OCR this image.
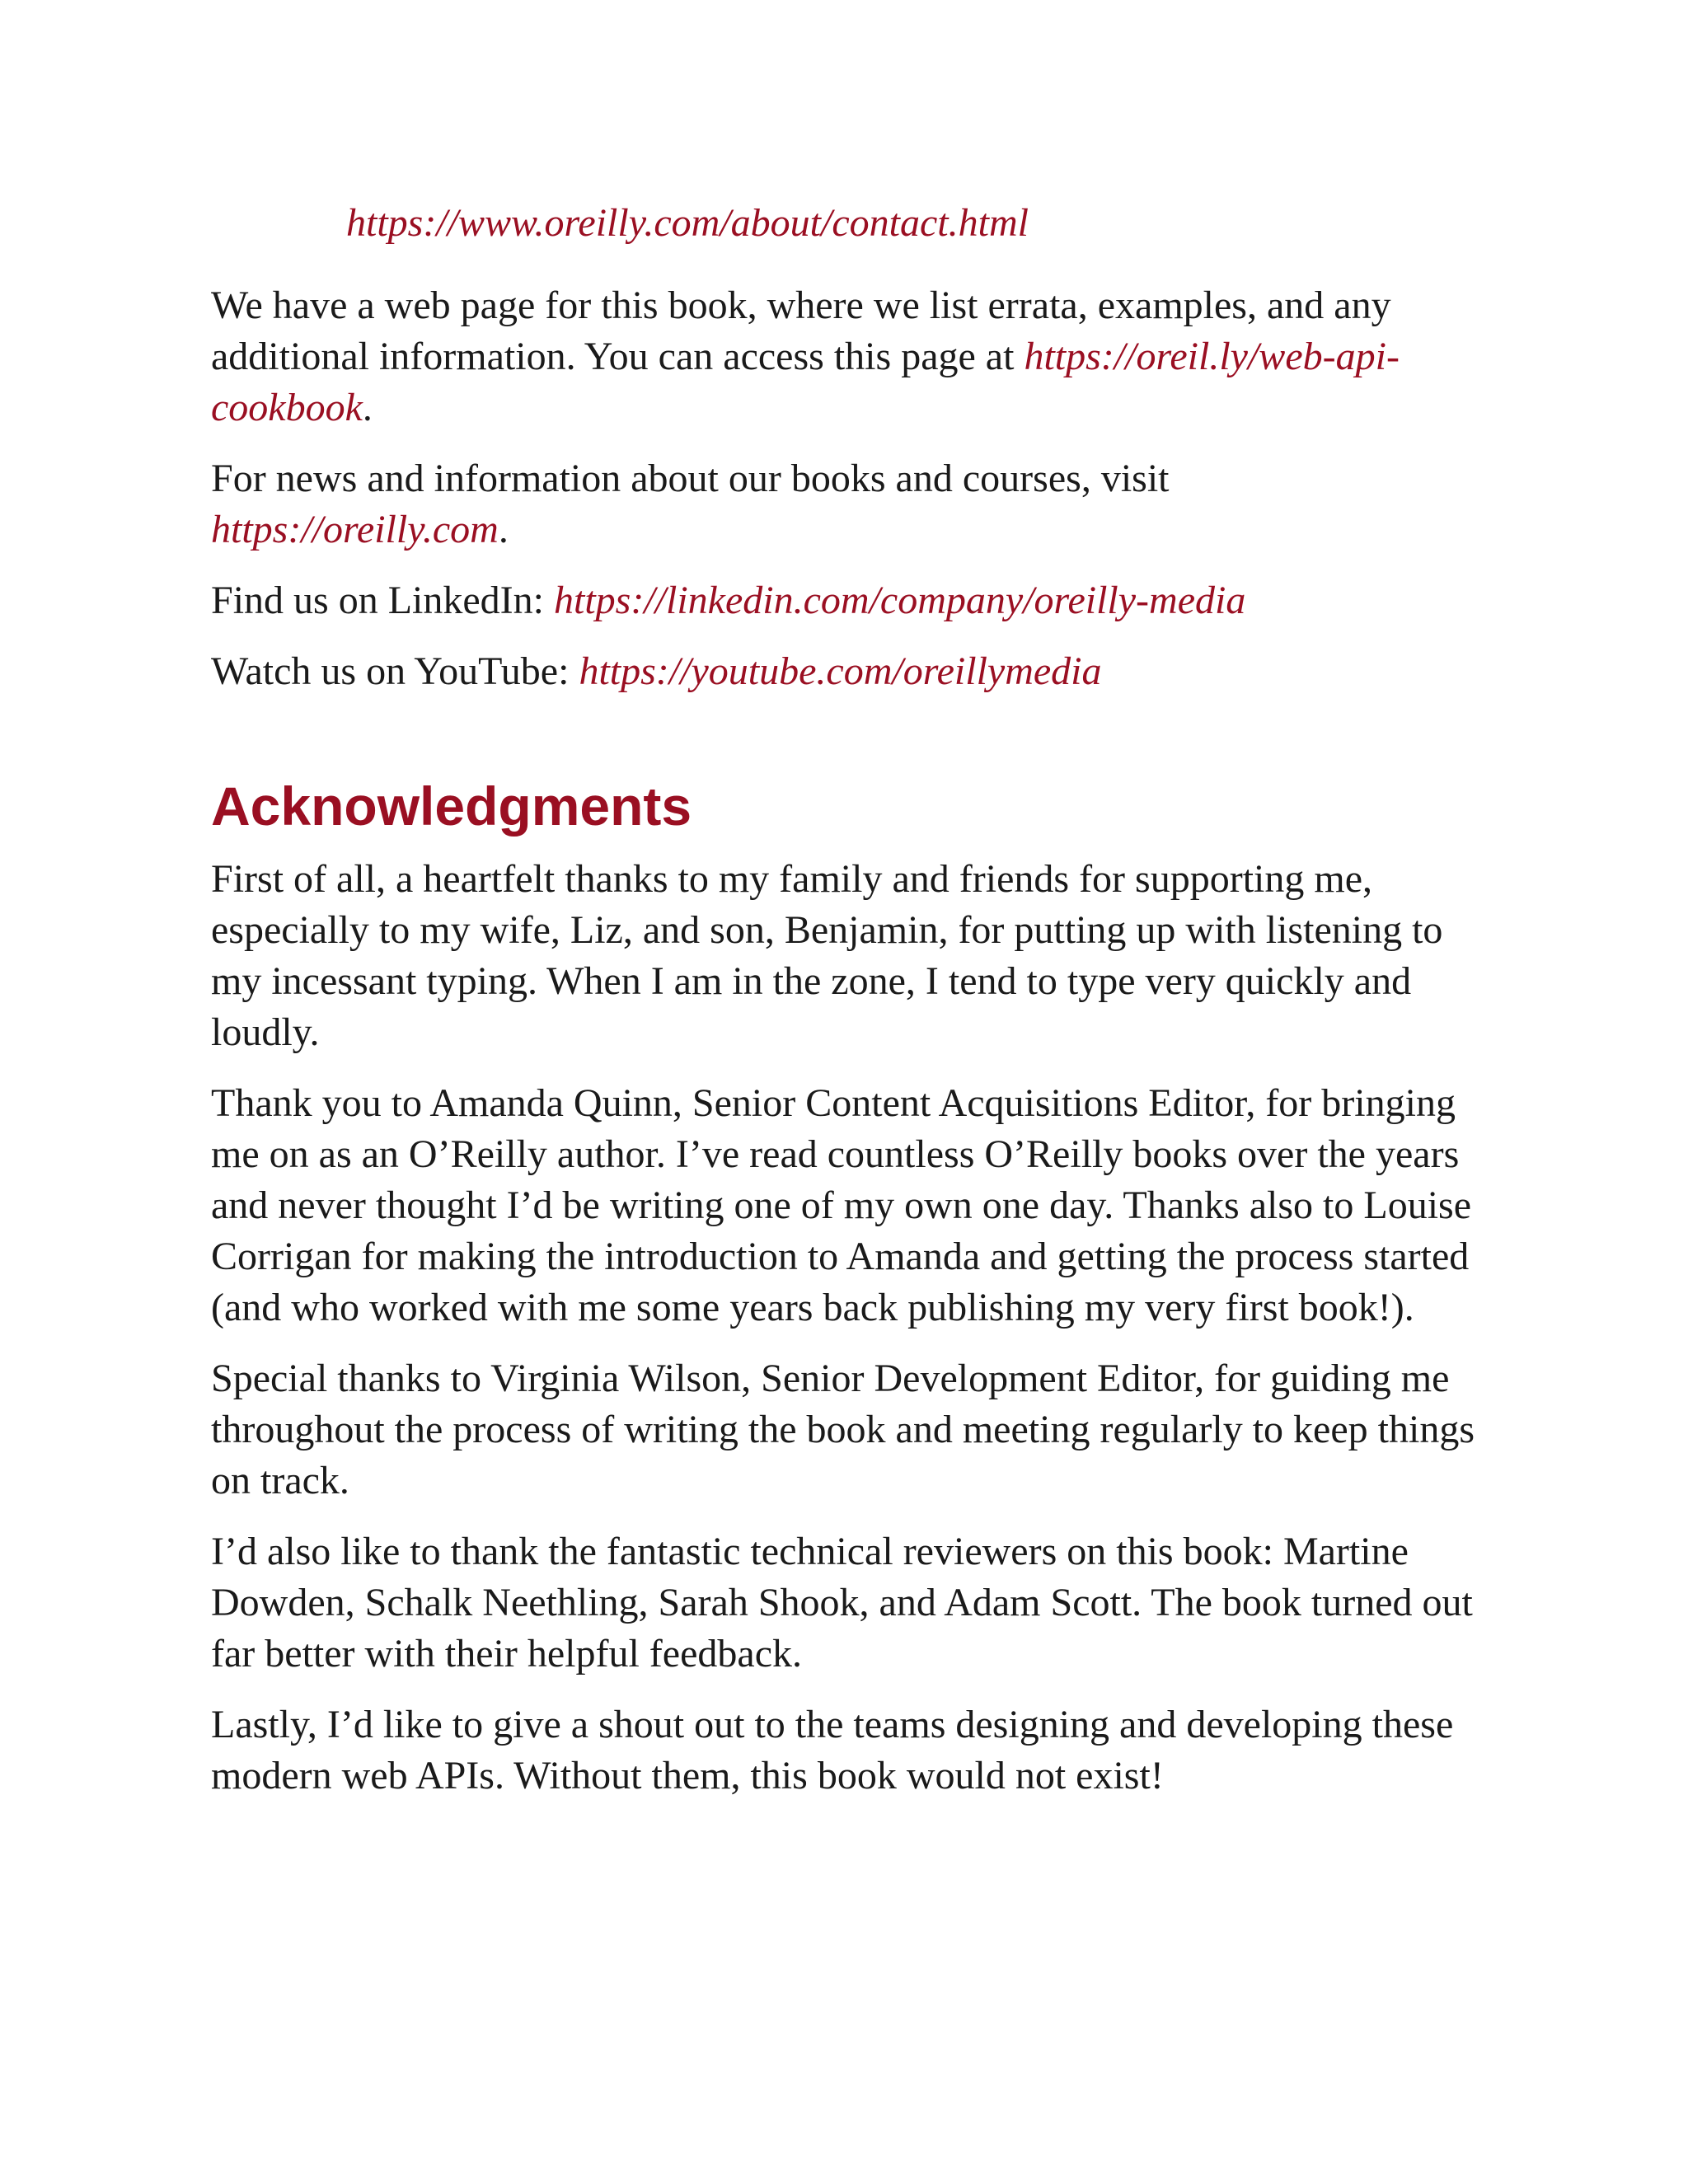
https://www.oreilly.com/about/contact.html

We have a web page for this book, where we list errata, examples, and any additional information. You can access this page at https://oreil.ly/web-api-cookbook.

For news and information about our books and courses, visit
https://oreilly.com.

Find us on LinkedIn: https://linkedin.com/company/oreilly-media

Watch us on YouTube: https://youtube.com/oreillymedia

Acknowledgments

First of all, a heartfelt thanks to my family and friends for supporting me, especially to my wife, Liz, and son, Benjamin, for putting up with listening to my incessant typing. When I am in the zone, I tend to type very quickly and loudly.

Thank you to Amanda Quinn, Senior Content Acquisitions Editor, for bringing me on as an O’Reilly author. I’ve read countless O’Reilly books over the years and never thought I’d be writing one of my own one day. Thanks also to Louise Corrigan for making the introduction to Amanda and getting the process started (and who worked with me some years back publishing my very first book!).

Special thanks to Virginia Wilson, Senior Development Editor, for guiding me throughout the process of writing the book and meeting regularly to keep things on track.

I’d also like to thank the fantastic technical reviewers on this book: Martine Dowden, Schalk Neethling, Sarah Shook, and Adam Scott. The book turned out far better with their helpful feedback.

Lastly, I’d like to give a shout out to the teams designing and developing these modern web APIs. Without them, this book would not exist!
